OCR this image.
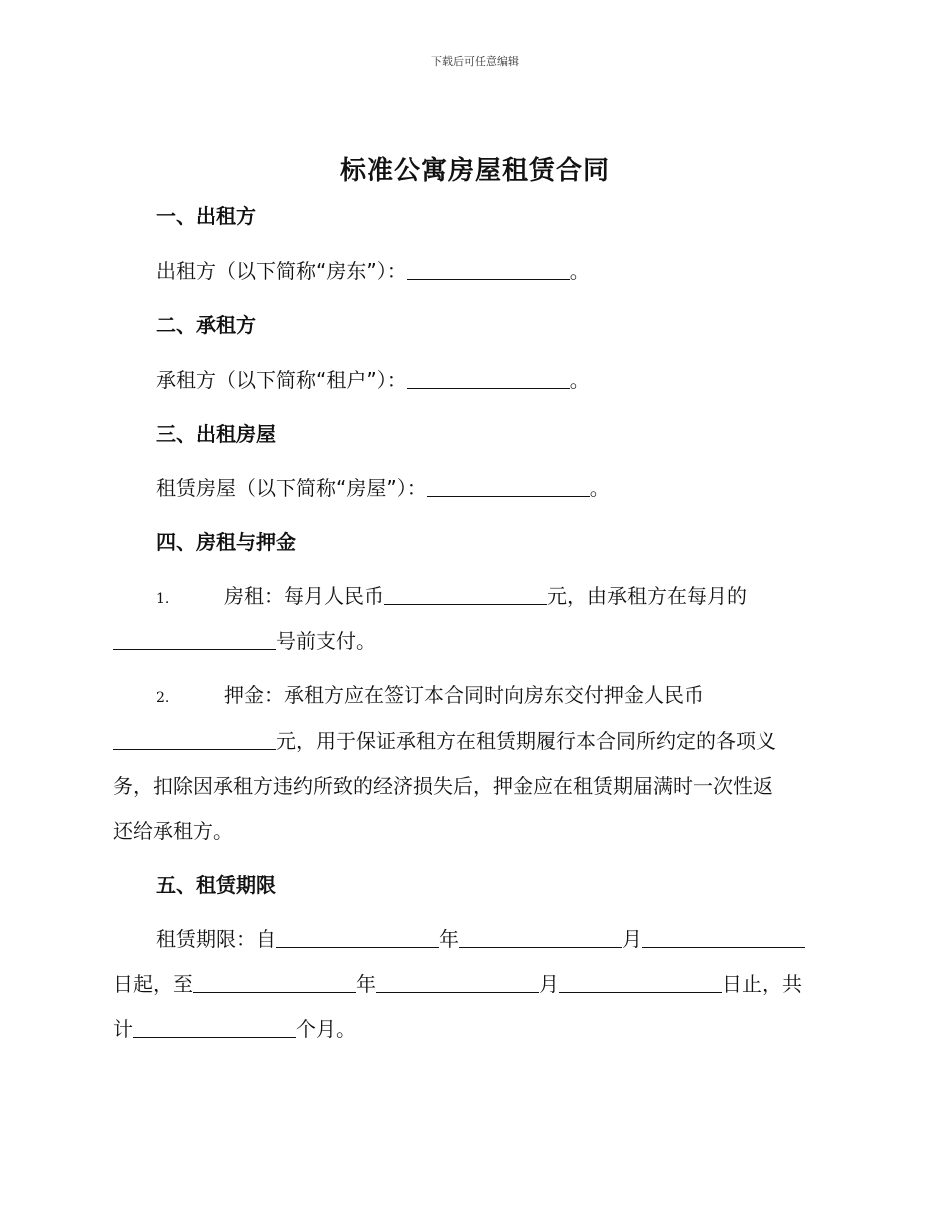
下载后可任意编辑
标准公寓房屋租赁合同
一、出租方
出租方（以下简称“房东”）：	。
二、承租方
承租方（以下简称“租户”）：	。
三、出租房屋
租赁房屋（以下简称“房屋”）：	。
四、房租与押金
1.	房租：每月人民币	元，由承租方在每月的
号前支付。
2.	押金：承租方应在签订本合同时向房东交付押金人民币
元，用于保证承租方在租赁期履行本合同所约定的各项义
务，扣除因承租方违约所致的经济损失后，押金应在租赁期届满时一次性返
还给承租方。
五、租赁期限
租赁期限：自	年	月
日起，至	年	月	日止，共
计	个月。
